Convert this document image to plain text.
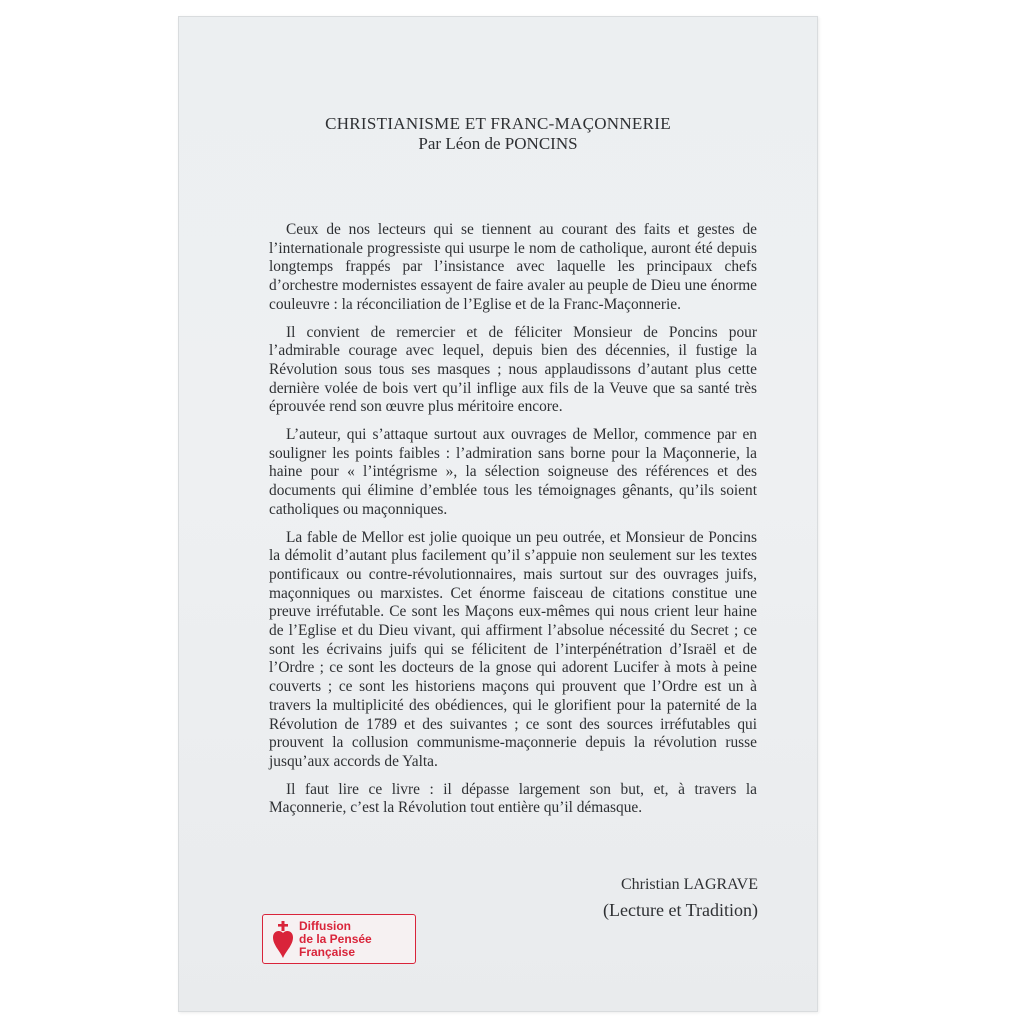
CHRISTIANISME ET FRANC-MAÇONNERIE
Par Léon de PONCINS

Ceux de nos lecteurs qui se tiennent au courant des faits et gestes de l’internationale progressiste qui usurpe le nom de catholique, auront été depuis longtemps frappés par l’insistance avec laquelle les principaux chefs d’orchestre modernistes essayent de faire avaler au peuple de Dieu une énorme couleuvre : la réconciliation de l’Eglise et de la Franc-Maçonnerie.

Il convient de remercier et de féliciter Monsieur de Poncins pour l’admirable courage avec lequel, depuis bien des décennies, il fustige la Révolution sous tous ses masques ; nous applaudissons d’autant plus cette dernière volée de bois vert qu’il inflige aux fils de la Veuve que sa santé très éprouvée rend son œuvre plus méritoire encore.

L’auteur, qui s’attaque surtout aux ouvrages de Mellor, commence par en souligner les points faibles : l’admiration sans borne pour la Maçonnerie, la haine pour « l’intégrisme », la sélection soigneuse des références et des documents qui élimine d’emblée tous les témoignages gênants, qu’ils soient catholiques ou maçonniques.

La fable de Mellor est jolie quoique un peu outrée, et Monsieur de Poncins la démolit d’autant plus facilement qu’il s’appuie non seulement sur les textes pontificaux ou contre-révolutionnaires, mais surtout sur des ouvrages juifs, maçonniques ou marxistes. Cet énorme faisceau de citations constitue une preuve irréfutable. Ce sont les Maçons eux-mêmes qui nous crient leur haine de l’Eglise et du Dieu vivant, qui affirment l’absolue nécessité du Secret ; ce sont les écrivains juifs qui se félicitent de l’interpénétration d’Israël et de l’Ordre ; ce sont les docteurs de la gnose qui adorent Lucifer à mots à peine couverts ; ce sont les historiens maçons qui prouvent que l’Ordre est un à travers la multiplicité des obédiences, qui le glorifient pour la paternité de la Révolution de 1789 et des suivantes ; ce sont des sources irréfutables qui prouvent la collusion communisme-maçonnerie depuis la révolution russe jusqu’aux accords de Yalta.

Il faut lire ce livre : il dépasse largement son but, et, à travers la Maçonnerie, c’est la Révolution tout entière qu’il démasque.

Christian LAGRAVE
(Lecture et Tradition)
Diffusion
de la Pensée
Française
